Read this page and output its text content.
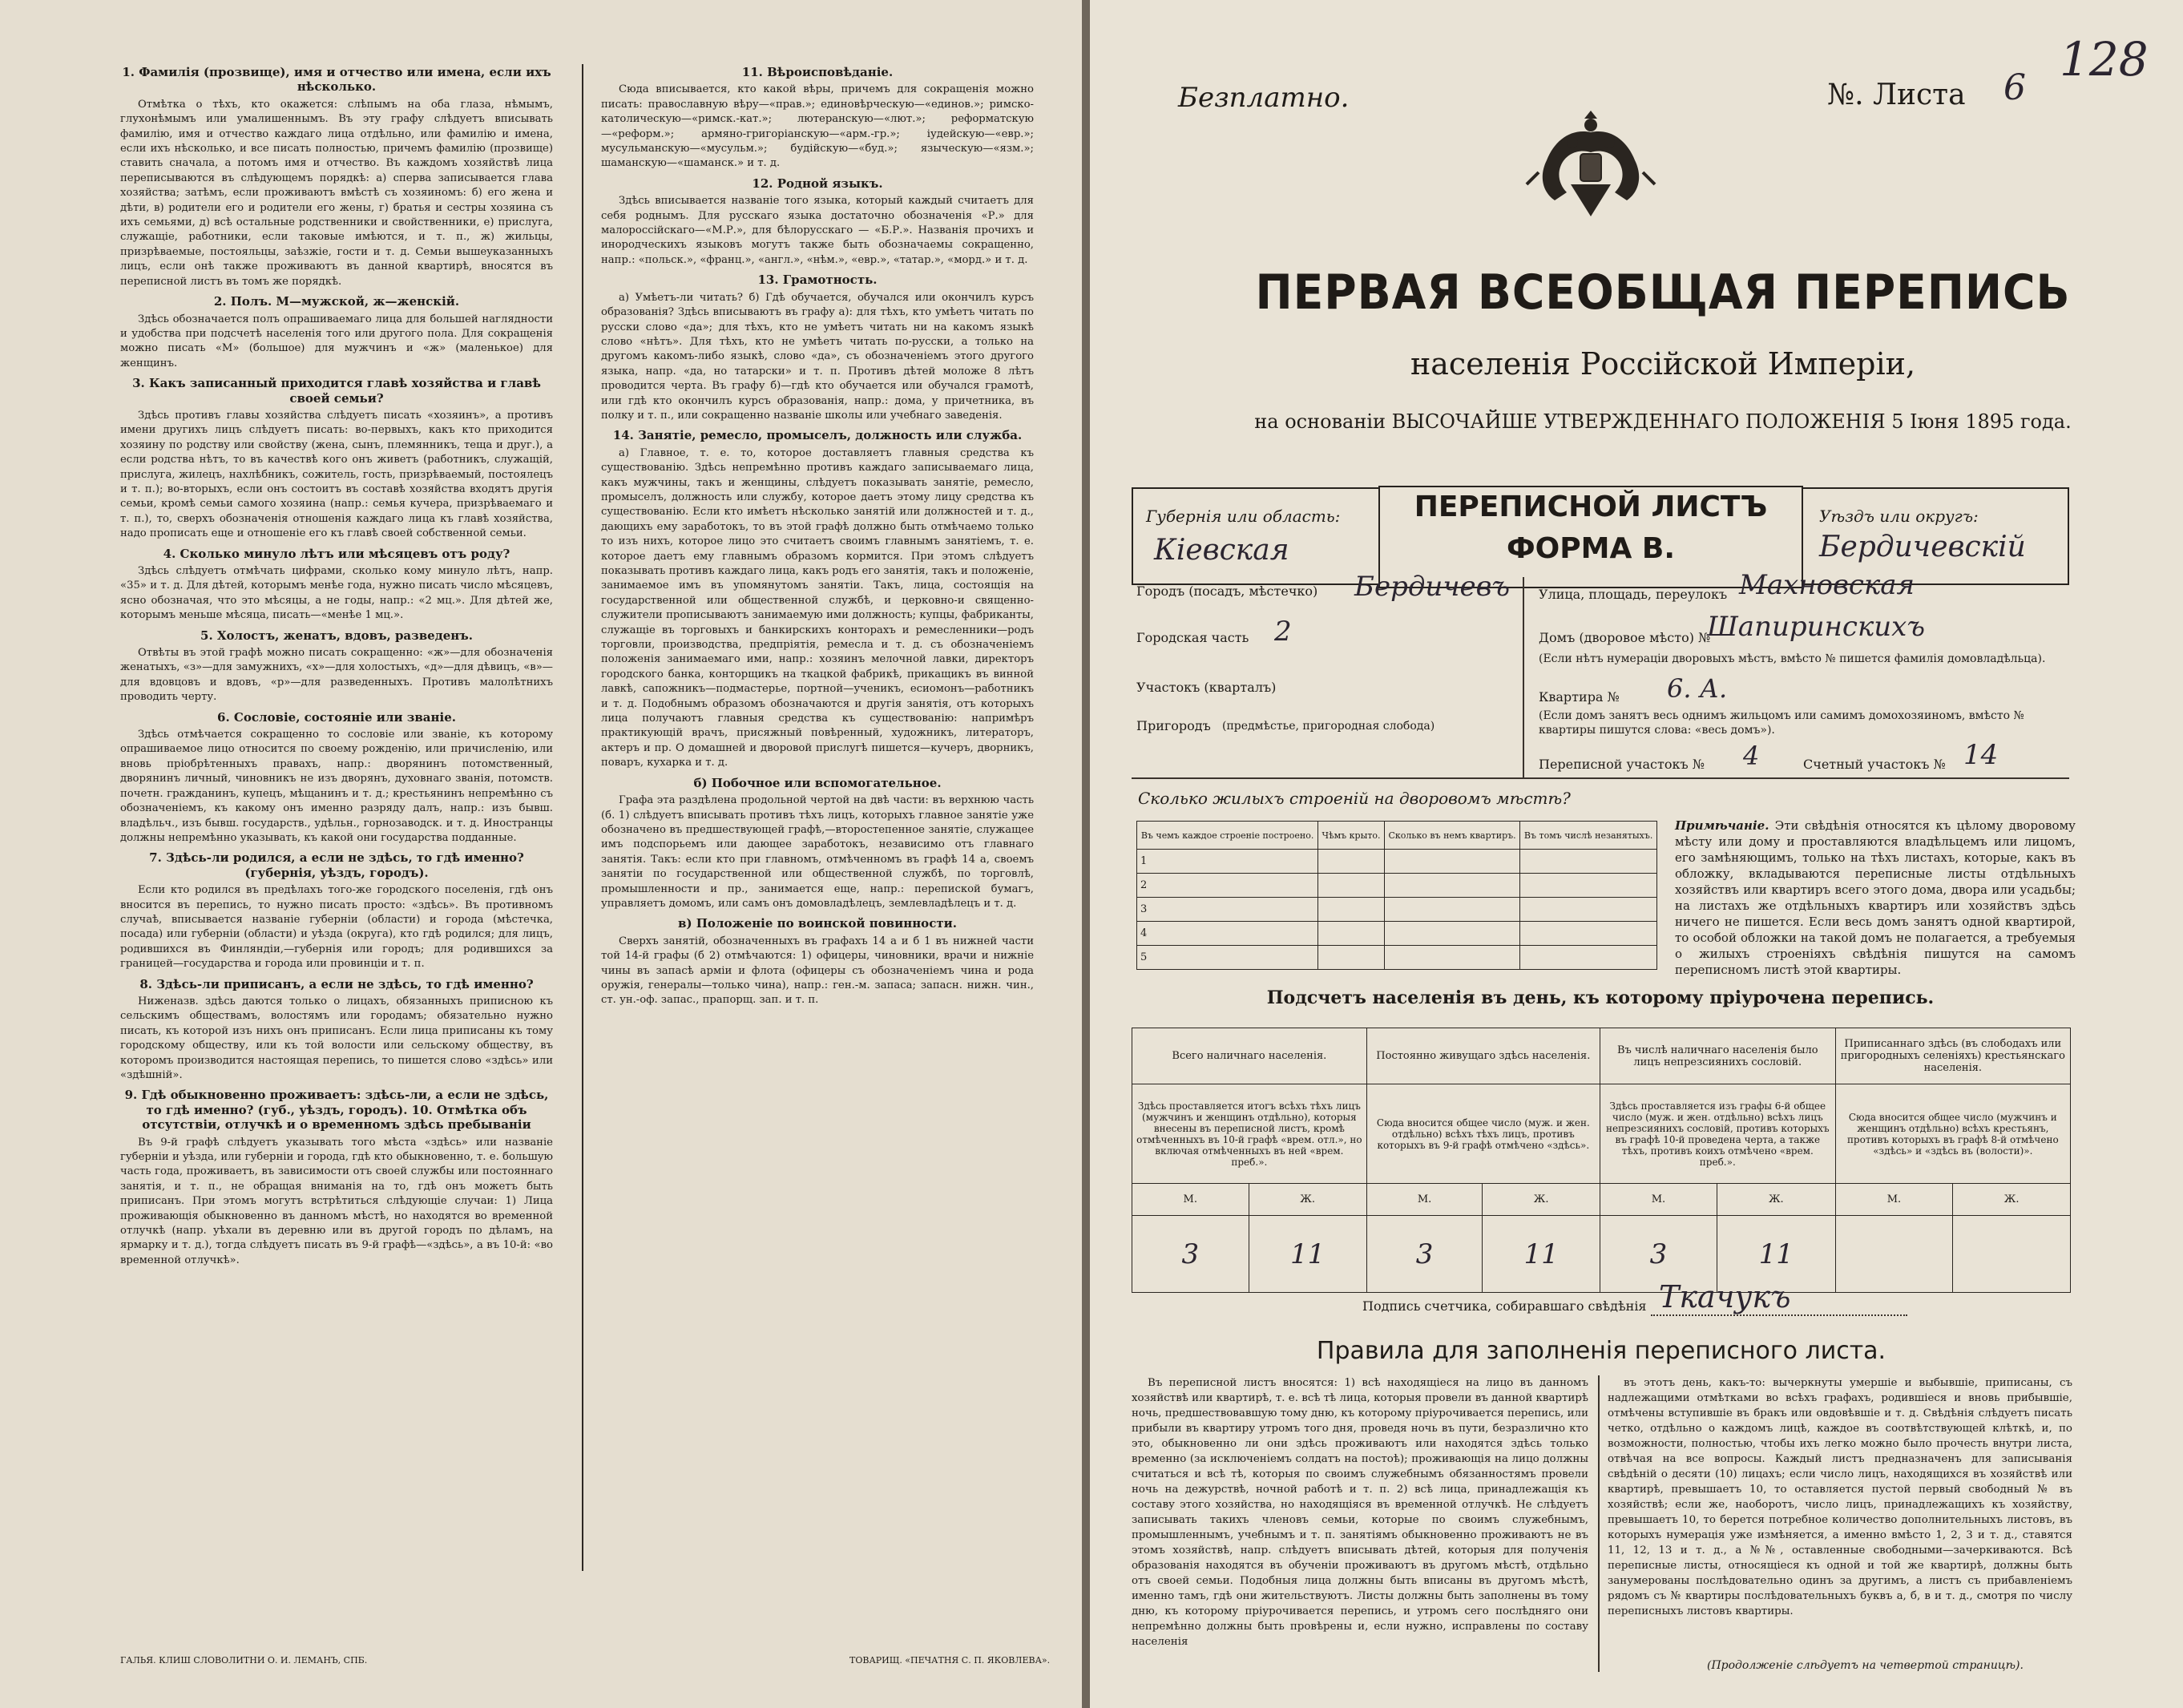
1. Фамилія (прозвище), имя и отчество или имена, если ихъ нѣсколько.

Отмѣтка о тѣхъ, кто окажется: слѣпымъ на оба глаза, нѣмымъ, глухонѣмымъ или умалишеннымъ. Въ эту графу слѣдуетъ вписывать фамилію, имя и отчество каждаго лица отдѣльно, или фамилію и имена, если ихъ нѣсколько, и все писать полностью, причемъ фамилію (прозвище) ставить сначала, а потомъ имя и отчество. Въ каждомъ хозяйствѣ лица переписываются въ слѣдующемъ порядкѣ: а) сперва записывается глава хозяйства; затѣмъ, если проживаютъ вмѣстѣ съ хозяиномъ: б) его жена и дѣти, в) родители его и родители его жены, г) братья и сестры хозяина съ ихъ семьями, д) всѣ остальные родственники и свойственники, е) прислуга, служащіе, работники, если таковые имѣются, и т. п., ж) жильцы, призрѣваемые, постояльцы, заѣзжіе, гости и т. д. Семьи вышеуказанныхъ лицъ, если онѣ также проживаютъ въ данной квартирѣ, вносятся въ переписной листъ въ томъ же порядкѣ.

2. Полъ. М—мужской, ж—женскій.

Здѣсь обозначается полъ опрашиваемаго лица для большей наглядности и удобства при подсчетѣ населенія того или другого пола. Для сокращенія можно писать «М» (большое) для мужчинъ и «ж» (маленькое) для женщинъ.

3. Какъ записанный приходится главѣ хозяйства и главѣ своей семьи?

Здѣсь противъ главы хозяйства слѣдуетъ писать «хозяинъ», а противъ имени другихъ лицъ слѣдуетъ писать: во-первыхъ, какъ кто приходится хозяину по родству или свойству (жена, сынъ, племянникъ, теща и друг.), а если родства нѣтъ, то въ качествѣ кого онъ живетъ (работникъ, служащій, прислуга, жилецъ, нахлѣбникъ, сожитель, гость, призрѣваемый, постоялецъ и т. п.); во-вторыхъ, если онъ состоитъ въ составѣ хозяйства входятъ другія семьи, кромѣ семьи самого хозяина (напр.: семья кучера, призрѣваемаго и т. п.), то, сверхъ обозначенія отношенія каждаго лица къ главѣ хозяйства, надо прописать еще и отношеніе его къ главѣ своей собственной семьи.

4. Сколько минуло лѣтъ или мѣсяцевъ отъ роду?

Здѣсь слѣдуетъ отмѣчать цифрами, сколько кому минуло лѣтъ, напр. «35» и т. д. Для дѣтей, которымъ менѣе года, нужно писать число мѣсяцевъ, ясно обозначая, что это мѣсяцы, а не годы, напр.: «2 мц.». Для дѣтей же, которымъ меньше мѣсяца, писать—«менѣе 1 мц.».

5. Холостъ, женатъ, вдовъ, разведенъ.

Отвѣты въ этой графѣ можно писать сокращенно: «ж»—для обозначенія женатыхъ, «з»—для замужнихъ, «х»—для холостыхъ, «д»—для дѣвицъ, «в»—для вдовцовъ и вдовъ, «р»—для разведенныхъ. Противъ малолѣтнихъ проводить черту.

6. Сословіе, состояніе или званіе.

Здѣсь отмѣчается сокращенно то сословіе или званіе, къ которому опрашиваемое лицо относится по своему рожденію, или причисленію, или вновь пріобрѣтенныхъ правахъ, напр.: дворянинъ потомственный, дворянинъ личный, чиновникъ не изъ дворянъ, духовнаго званія, потомств. почетн. гражданинъ, купецъ, мѣщанинъ и т. д.; крестьянинъ непремѣнно съ обозначеніемъ, къ какому онъ именно разряду далъ, напр.: изъ бывш. владѣльч., изъ бывш. государств., удѣльн., горнозаводск. и т. д. Иностранцы должны непремѣнно указывать, къ какой они государства подданные.

7. Здѣсь-ли родился, а если не здѣсь, то гдѣ именно? (губернія, уѣздъ, городъ).

Если кто родился въ предѣлахъ того-же городского поселенія, гдѣ онъ вносится въ перепись, то нужно писать просто: «здѣсь». Въ противномъ случаѣ, вписывается названіе губерніи (области) и города (мѣстечка, посада) или губерніи (области) и уѣзда (округа), кто гдѣ родился; для лицъ, родившихся въ Финляндіи,—губернія или городъ; для родившихся за границей—государства и города или провинціи и т. п.

8. Здѣсь-ли приписанъ, а если не здѣсь, то гдѣ именно?

Ниженазв. здѣсь даются только о лицахъ, обязанныхъ приписною къ сельскимъ обществамъ, волостямъ или городамъ; обязательно нужно писать, къ которой изъ нихъ онъ приписанъ. Если лица приписаны къ тому городскому обществу, или къ той волости или сельскому обществу, въ которомъ производится настоящая перепись, то пишется слово «здѣсь» или «здѣшній».

9. Гдѣ обыкновенно проживаетъ: здѣсь-ли, а если не здѣсь, то гдѣ именно? (губ., уѣздъ, городъ). 10. Отмѣтка объ отсутствіи, отлучкѣ и о временномъ здѣсь пребываніи

Въ 9-й графѣ слѣдуетъ указывать того мѣста «здѣсь» или названіе губерніи и уѣзда, или губерніи и города, гдѣ кто обыкновенно, т. е. большую часть года, проживаетъ, въ зависимости отъ своей службы или постояннаго занятія, и т. п., не обращая вниманія на то, гдѣ онъ можетъ быть приписанъ. При этомъ могутъ встрѣтиться слѣдующіе случаи: 1) Лица проживающія обыкновенно въ данномъ мѣстѣ, но находятся во временной отлучкѣ (напр. уѣхали въ деревню или въ другой городъ по дѣламъ, на ярмарку и т. д.), тогда слѣдуетъ писать въ 9-й графѣ—«здѣсь», а въ 10-й: «во временной отлучкѣ».

11. Вѣроисповѣданіе.

Сюда вписывается, кто какой вѣры, причемъ для сокращенія можно писать: православную вѣру—«прав.»; единовѣрческую—«единов.»; римско-католическую—«римск.-кат.»; лютеранскую—«лют.»; реформатскую—«реформ.»; армяно-григоріанскую—«арм.-гр.»; іудейскую—«евр.»; мусульманскую—«мусульм.»; будійскую—«буд.»; языческую—«язм.»; шаманскую—«шаманск.» и т. д.

12. Родной языкъ.

Здѣсь вписывается названіе того языка, который каждый считаетъ для себя роднымъ. Для русскаго языка достаточно обозначенія «Р.» для малороссійскаго—«М.Р.», для бѣлорусскаго — «Б.Р.». Названія прочихъ и инородческихъ языковъ могутъ также быть обозначаемы сокращенно, напр.: «польск.», «франц.», «англ.», «нѣм.», «евр.», «татар.», «морд.» и т. д.

13. Грамотность.

а) Умѣетъ-ли читать? б) Гдѣ обучается, обучался или окончилъ курсъ образованія? Здѣсь вписываютъ въ графу а): для тѣхъ, кто умѣетъ читать по русски слово «да»; для тѣхъ, кто не умѣетъ читать ни на какомъ языкѣ слово «нѣтъ». Для тѣхъ, кто не умѣетъ читать по-русски, а только на другомъ какомъ-либо языкѣ, слово «да», съ обозначеніемъ этого другого языка, напр. «да, но татарски» и т. п. Противъ дѣтей моложе 8 лѣтъ проводится черта. Въ графу б)—гдѣ кто обучается или обучался грамотѣ, или гдѣ кто окончилъ курсъ образованія, напр.: дома, у причетника, въ полку и т. п., или сокращенно названіе школы или учебнаго заведенія.

14. Занятіе, ремесло, промыселъ, должность или служба.

а) Главное, т. е. то, которое доставляетъ главныя средства къ существованію. Здѣсь непремѣнно противъ каждаго записываемаго лица, какъ мужчины, такъ и женщины, слѣдуетъ показывать занятіе, ремесло, промыселъ, должность или службу, которое даетъ этому лицу средства къ существованію. Если кто имѣетъ нѣсколько занятій или должностей и т. д., дающихъ ему заработокъ, то въ этой графѣ должно быть отмѣчаемо только то изъ нихъ, которое лицо это считаетъ своимъ главнымъ занятіемъ, т. е. которое даетъ ему главнымъ образомъ кормится. При этомъ слѣдуетъ показывать противъ каждаго лица, какъ родъ его занятія, такъ и положеніе, занимаемое имъ въ упомянутомъ занятіи. Такъ, лица, состоящія на государственной или общественной службѣ, и церковно-и священно-служители прописываютъ занимаемую ими должность; купцы, фабриканты, служащіе въ торговыхъ и банкирскихъ конторахъ и ремесленники—родъ торговли, производства, предпріятія, ремесла и т. д. съ обозначеніемъ положенія занимаемаго ими, напр.: хозяинъ мелочной лавки, директоръ городского банка, конторщикъ на ткацкой фабрикѣ, прикащикъ въ винной лавкѣ, сапожникъ—подмастерье, портной—ученикъ, есиомонъ—работникъ и т. д. Подобнымъ образомъ обозначаются и другія занятія, отъ которыхъ лица получаютъ главныя средства къ существованію: напримѣръ практикующій врачъ, присяжный повѣренный, художникъ, литераторъ, актеръ и пр. О домашней и дворовой прислугѣ пишется—кучеръ, дворникъ, поваръ, кухарка и т. д.

б) Побочное или вспомогательное.

Графа эта раздѣлена продольной чертой на двѣ части: въ верхнюю часть (б. 1) слѣдуетъ вписывать противъ тѣхъ лицъ, которыхъ главное занятіе уже обозначено въ предшествующей графѣ,—второстепенное занятіе, служащее имъ подспорьемъ или дающее заработокъ, независимо отъ главнаго занятія. Такъ: если кто при главномъ, отмѣченномъ въ графѣ 14 а, своемъ занятіи по государственной или общественной службѣ, по торговлѣ, промышленности и пр., занимается еще, напр.: перепиской бумагъ, управляетъ домомъ, или самъ онъ домовладѣлецъ, землевладѣлецъ и т. д.

в) Положеніе по воинской повинности.

Сверхъ занятій, обозначенныхъ въ графахъ 14 а и б 1 въ нижней части той 14-й графы (б 2) отмѣчаются: 1) офицеры, чиновники, врачи и нижніе чины въ запасѣ арміи и флота (офицеры съ обозначеніемъ чина и рода оружія, генералы—только чина), напр.: ген.-м. запаса; запасн. нижн. чин., ст. ун.-оф. запас., прапорщ. зап. и т. п.

ГАЛЬЯ. КЛИШ СЛОВОЛИТНИ О. И. ЛЕМАНЪ, СПБ.	ТОВАРИЩ. «ПЕЧАТНЯ С. П. ЯКОВЛЕВА».
Безплатно.	№. Листа 6
128
ПЕРВАЯ ВСЕОБЩАЯ ПЕРЕПИСЬ
населенія Россійской Имперіи,
на основаніи ВЫСОЧАЙШЕ УТВЕРЖДЕННАГО ПОЛОЖЕНІЯ 5 Іюня 1895 года.
ПЕРЕПИСНОЙ ЛИСТЪ
ФОРМА В.
Губернія или область:
Кіевская
Уѣздъ или округъ:
Бердичевскій
Городъ (посадъ, мѣстечко) Бердичевъ
Городская часть 2
Участокъ (кварталъ)
Пригородъ (предмѣстье, пригородная слобода)
Улица, площадь, переулокъ Махновская
Домъ (дворовое мѣсто) №
Шапиринскихъ
(Если нѣтъ нумераціи дворовыхъ мѣстъ, вмѣсто № пишется фамилія домовладѣльца).
Квартира № 6. А.
(Если домъ занятъ весь однимъ жильцомъ или самимъ домохозяиномъ, вмѣсто № квартиры пишутся слова: «весь домъ»).
Переписной участокъ № 4	Счетный участокъ № 14
Сколько жилыхъ строеній на дворовомъ мѣстѣ?
Въ чемъ каждое строеніе построено.	Чѣмъ крыто.	Сколько въ немъ квартиръ.	Въ томъ числѣ незанятыхъ.
1			
2			
3			
4			
5			
Примѣчаніе. Эти свѣдѣнія относятся къ цѣлому дворовому мѣсту или дому и проставляются владѣльцемъ или лицомъ, его замѣняющимъ, только на тѣхъ листахъ, которые, какъ въ обложку, вкладываются переписные листы отдѣльныхъ хозяйствъ или квартиръ всего этого дома, двора или усадьбы; на листахъ же отдѣльныхъ квартиръ или хозяйствъ здѣсь ничего не пишется. Если весь домъ занятъ одной квартирой, то особой обложки на такой домъ не полагается, а требуемыя о жилыхъ строеніяхъ свѣдѣнія пишутся на самомъ переписномъ листѣ этой квартиры.
Подсчетъ населенія въ день, къ которому пріурочена перепись.
Всего наличнаго населенія.		Постоянно живущаго здѣсь населенія.		Въ числѣ наличнаго населенія было лицъ непрезсиянихъ сословій.		Приписаннаго здѣсь (въ слободахъ или пригородныхъ селеніяхъ) крестьянскаго населенія.	
Здѣсь проставляется итогъ всѣхъ тѣхъ лицъ (мужчинъ и женщинъ отдѣльно), которыя внесены въ переписной листъ, кромѣ отмѣченныхъ въ 10-й графѣ «врем. отл.», но включая отмѣченныхъ въ ней «врем. преб.».		Сюда вносится общее число (муж. и жен. отдѣльно) всѣхъ тѣхъ лицъ, противъ которыхъ въ 9-й графѣ отмѣчено «здѣсь».		Здѣсь проставляется изъ графы 6-й общее число (муж. и жен. отдѣльно) всѣхъ лицъ непрезсиянихъ сословій, противъ которыхъ въ графѣ 10-й проведена черта, а также тѣхъ, противъ коихъ отмѣчено «врем. преб.».		Сюда вносится общее число (мужчинъ и женщинъ отдѣльно) всѣхъ крестьянъ, противъ которыхъ въ графѣ 8-й отмѣчено «здѣсь» и «здѣсь въ (волости)».	
М.	Ж.	М.	Ж.	М.	Ж.	М.	Ж.
3	11	3	11	3	11		
Подпись счетчика, собиравшаго свѣдѣнія Ткачукъ
Правила для заполненія переписного листа.

Въ переписной листъ вносятся: 1) всѣ находящіеся на лицо въ данномъ хозяйствѣ или квартирѣ, т. е. всѣ тѣ лица, которыя провели въ данной квартирѣ ночь, предшествовавшую тому дню, къ которому пріурочивается перепись, или прибыли въ квартиру утромъ того дня, проведя ночь въ пути, безразлично кто это, обыкновенно ли они здѣсь проживаютъ или находятся здѣсь только временно (за исключеніемъ солдатъ на постоѣ); проживающія на лицо должны считаться и всѣ тѣ, которыя по своимъ служебнымъ обязанностямъ провели ночь на дежурствѣ, ночной работѣ и т. п. 2) всѣ лица, принадлежащія къ составу этого хозяйства, но находящіяся въ временной отлучкѣ. Не слѣдуетъ записывать такихъ членовъ семьи, которые по своимъ служебнымъ, промышленнымъ, учебнымъ и т. п. занятіямъ обыкновенно проживаютъ не въ этомъ хозяйствѣ, напр. слѣдуетъ вписывать дѣтей, которыя для полученія образованія находятся въ обученіи проживаютъ въ другомъ мѣстѣ, отдѣльно отъ своей семьи. Подобныя лица должны быть вписаны въ другомъ мѣстѣ, именно тамъ, гдѣ они жительствуютъ. Листы должны быть заполнены въ тому дню, къ которому пріурочивается перепись, и утромъ сего послѣдняго они непремѣнно должны быть провѣрены и, если нужно, исправлены по составу населенія

въ этотъ день, какъ-то: вычеркнуты умершіе и выбывшіе, приписаны, съ надлежащими отмѣтками во всѣхъ графахъ, родившіеся и вновь прибывшіе, отмѣчены вступившіе въ бракъ или овдовѣвшіе и т. д. Свѣдѣнія слѣдуетъ писать четко, отдѣльно о каждомъ лицѣ, каждое въ соотвѣтствующей клѣткѣ, и, по возможности, полностью, чтобы ихъ легко можно было прочесть внутри листа, отвѣчая на все вопросы. Каждый листъ предназначенъ для записыванія свѣдѣній о десяти (10) лицахъ; если число лицъ, находящихся въ хозяйствѣ или квартирѣ, превышаетъ 10, то оставляется пустой первый свободный № въ хозяйствѣ; если же, наоборотъ, число лицъ, принадлежащихъ къ хозяйству, превышаетъ 10, то берется потребное количество дополнительныхъ листовъ, въ которыхъ нумерація уже измѣняется, а именно вмѣсто 1, 2, 3 и т. д., ставятся 11, 12, 13 и т. д., а №№, оставленные свободными—зачеркиваются. Всѣ переписные листы, относящіеся къ одной и той же квартирѣ, должны быть занумерованы послѣдовательно одинъ за другимъ, а листъ съ прибавленіемъ рядомъ съ № квартиры послѣдовательныхъ буквъ а, б, в и т. д., смотря по числу переписныхъ листовъ квартиры.

(Продолженіе слѣдуетъ на четвертой страницѣ).
